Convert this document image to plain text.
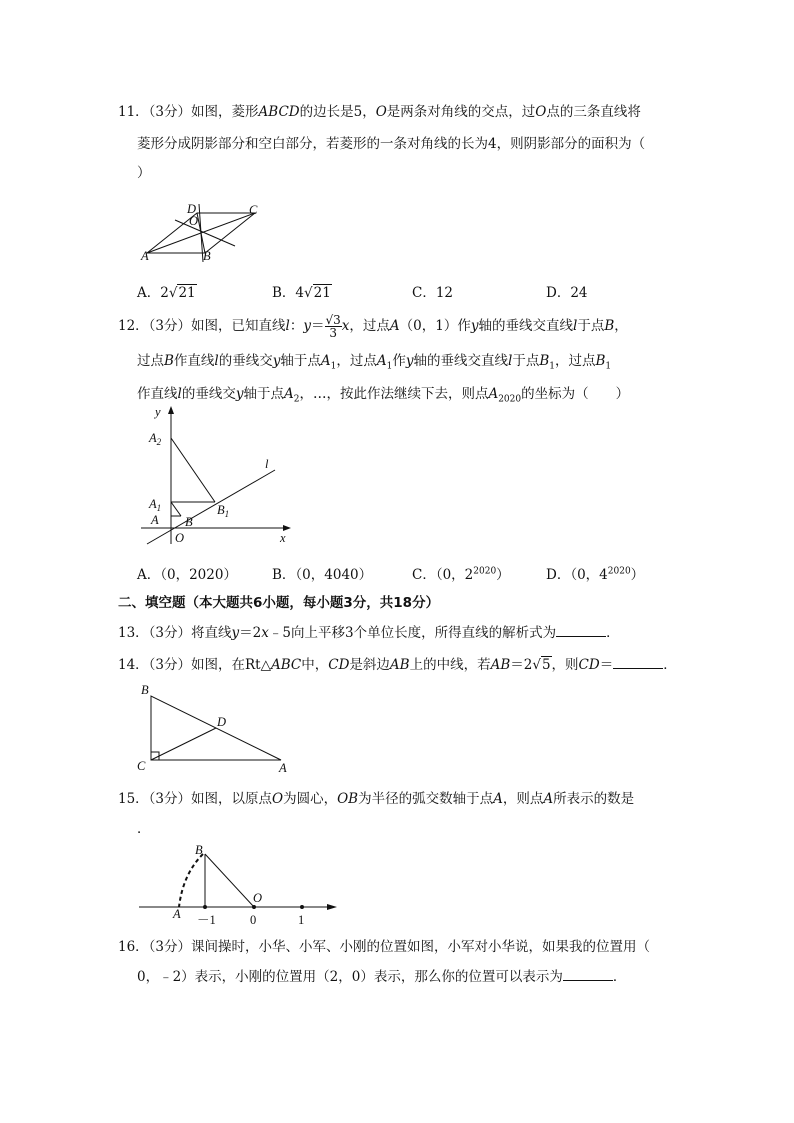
11．（3分）如图，菱形ABCD的边长是5，O是两条对角线的交点，过O点的三条直线将
菱形分成阴影部分和空白部分，若菱形的一条对角线的长为4，则阴影部分的面积为（
）
D
O
C
A	B
A．2√21	B．4√21	C．12	D．24
12．（3分）如图，已知直线l：$y= \frac{√3}{3}$ x，过点A（0，1）作y轴的垂线交直线l于点B，
过点B作直线l的垂线交y轴于点$A_1$，过点$A_1$作y轴的垂线交直线l于点$B_1$，过点$B_1$
作直线l的垂线交y轴于点$A_2$，…，按此作法继续下去，则点$A_{2020}$的坐标为（　　）
y
$A_2$
$A_1$
A B
$B_1$
l
O	x
A．（0，2020）	B．（0，4040）	C．（0，$2^{2020}$）	D．（0，$4^{2020}$）
二、填空题（本大题共6小题，每小题3分，共18分）
13．（3分）将直线y＝2x﹣5向上平移3个单位长度，所得直线的解析式为	．
14．（3分）如图，在Rt△ABC中，CD是斜边AB上的中线，若AB＝2√5，则CD＝	．
B
D
C	A
15．（3分）如图，以原点O为圆心，OB为半径的弧交数轴于点A，则点A所表示的数是
．
B
O
A －1	0	1
16．（3分）课间操时，小华、小军、小刚的位置如图，小军对小华说，如果我的位置用（
0，﹣2）表示，小刚的位置用（2，0）表示，那么你的位置可以表示为	．
